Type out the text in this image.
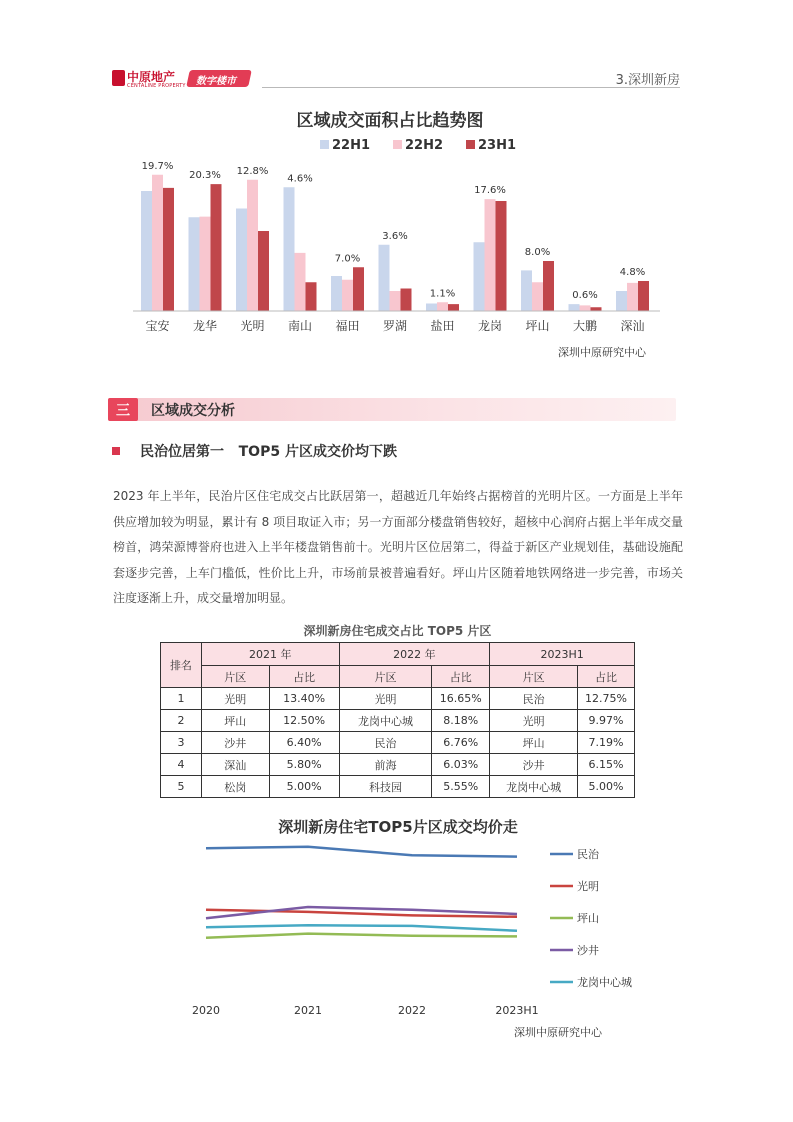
中原地产
CENTALINE PROPERTY 数字楼市	3.深圳新房
区域成交面积占比趋势图
22H1	22H2	23H1
宝安 龙华 光明 南山 福田 罗湖 盐田 龙岗 坪山 大鹏 深汕
19.7%
20.3% 12.8%
4.6%
7.0%
3.6%
1.1%
17.6%
8.0%
0.6%
4.8%
深圳中原研究中心
三	区域成交分析
民治位居第一   TOP5 片区成交价均下跌
2023 年上半年，民治片区住宅成交占比跃居第一，超越近几年始终占据榜首的光明片区。一方面是上半年供应增加较为明显，累计有 8 项目取证入市；另一方面部分楼盘销售较好，超核中心润府占据上半年成交量榜首，鸿荣源博誉府也进入上半年楼盘销售前十。光明片区位居第二，得益于新区产业规划佳，基础设施配套逐步完善，上车门槛低，性价比上升，市场前景被普遍看好。坪山片区随着地铁网络进一步完善，市场关注度逐渐上升，成交量增加明显。
深圳新房住宅成交占比 TOP5 片区
排名	2021 年		2022 年		2023H1	
	片区	占比	片区	占比	片区	占比
1	光明	13.40%	光明	16.65%	民治	12.75%
2	坪山	12.50%	龙岗中心城	8.18%	光明	9.97%
3	沙井	6.40%	民治	6.76%	坪山	7.19%
4	深汕	5.80%	前海	6.03%	沙井	6.15%
5	松岗	5.00%	科技园	5.55%	龙岗中心城	5.00%
深圳新房住宅TOP5片区成交均价走
民治
光明
坪山
沙井
龙岗中心城
2020	2021	2022	2023H1
深圳中原研究中心
